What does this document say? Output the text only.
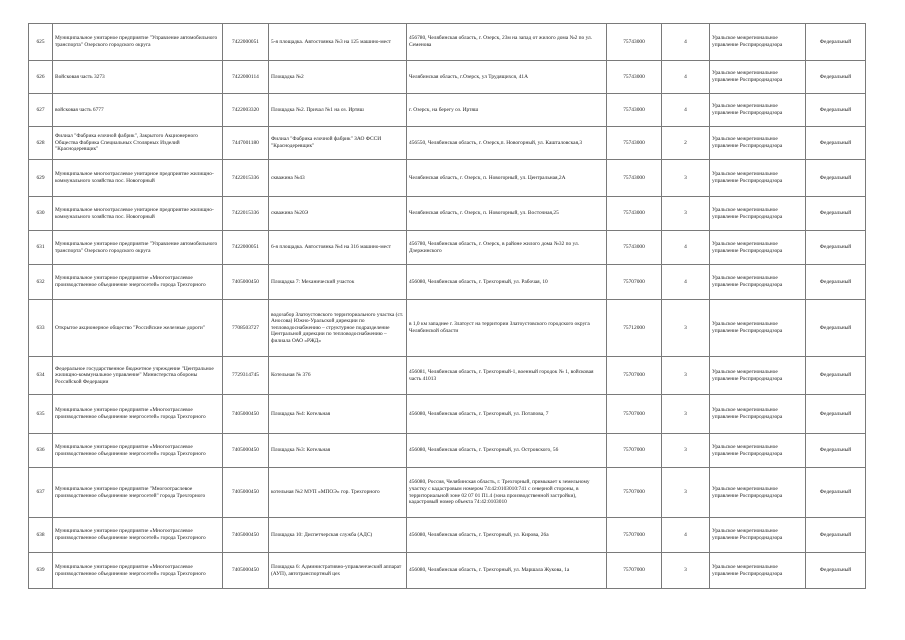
625	Муниципальное унитарное предприятие "Управление автомобильного транспорта" Озерского городского округа	7422000051	5-я площадка. Автостоянка №3 на 125 машино-мест	456780, Челябинская область, г. Озерск, 23м на запад от жилого дома №2 по ул. Семенова	75743000	4	Уральское межрегиональное управление Росприроднадзора	Федеральный
626	Войсковая часть 3273	7422000114	Площадка №2	Челябинская область, г.Озерск, ул Трудящихся, 41А	75743000	4	Уральское межрегиональное управление Росприроднадзора	Федеральный
627	войсковая часть 6777	7422003320	Площадка №2. Причал №1 на оз. Иртяш	г. Озерск, на берегу оз. Иртяш	75743000	4	Уральское межрегиональное управление Росприроднадзора	Федеральный
628	Филиал "Фабрика елочной фабрик", Закрытого Акционерного Общества Фабрика Специальных Столярных Изделий "Краснодеревщик"	7447001180	Филиал "Фабрика елочной фабрик" ЗАО ФССИ "Краснодеревщик"	456550, Челябинская область, г. Озерск,п. Новогорный, ул. Кашталовская,3	75743000	2	Уральское межрегиональное управление Росприроднадзора	Федеральный
629	Муниципальное многоотраслевое унитарное предприятие жилищно-коммунального хозяйства пос. Новогорный	7422015336	скважина №43	Челябинская область, г. Озерск, п. Новогорный, ул. Центральная,2А	75743000	3	Уральское межрегиональное управление Росприроднадзора	Федеральный
630	Муниципальное многоотраслевое унитарное предприятие жилищно-коммунального хозяйства пос. Новогорный	7422015336	скважина №20Э	Челябинская область, г. Озерск, п. Новогорный, ул. Восточная,25	75743000	3	Уральское межрегиональное управление Росприроднадзора	Федеральный
631	Муниципальное унитарное предприятие "Управление автомобильного транспорта" Озерского городского округа	7422000051	6-я площадка. Автостоянка №4 на 316 машино-мест	456780, Челябинская область, г. Озерск, в районе жилого дома №32 по ул. Дзержинского	75743000	4	Уральское межрегиональное управление Росприроднадзора	Федеральный
632	Муниципальное унитарное предприятие «Многоотраслевое производственное объединение энергосетей» города Трехгорного	7405000450	Площадка 7: Механический участок	456080, Челябинская область, г. Трехгорный, ул. Рабочая, 10	75707000	4	Уральское межрегиональное управление Росприроднадзора	Федеральный
633	Открытое акционерное общество "Российские железные дороги"	7708503727	водозабор Златоустовского территориального участка (ст. Аносова) Южно-Уральской дирекции по тепловодоснабжению – структурное подразделение Центральной дирекции по тепловодоснабжению – филиала ОАО «РЖД»	в 1,0 км западнее г. Златоуст на территории Златоустовского городского округа Челябинской области	75712000	3	Уральское межрегиональное управление Росприроднадзора	Федеральный
634	Федеральное государственное бюджетное учреждение "Центральное жилищно-коммунальное управление" Министерства обороны Российской Федерации	7729314745	Котельная № 376	456081, Челябинская область, г. Трехгорный-1, военный городок № 1, войсковая часть 41013	75707000	3	Уральское межрегиональное управление Росприроднадзора	Федеральный
635	Муниципальное унитарное предприятие «Многоотраслевое производственное объединение энергосетей» города Трехгорного	7405000450	Площадка №4: Котельная	456080, Челябинская область, г. Трехгорный, ул. Потапова, 7	75707000	3	Уральское межрегиональное управление Росприроднадзора	Федеральный
636	Муниципальное унитарное предприятие «Многоотраслевое производственное объединение энергосетей» города Трехгорного	7405000450	Площадка №3: Котельная	456080, Челябинская область, г. Трехгорный, ул. Островского, 56	75707000	3	Уральское межрегиональное управление Росприроднадзора	Федеральный
637	Муниципальное унитарное предприятие "Многоотраслевое производственное объединение энергосетей" города Трехгорного	7405000450	котельная №2 МУП «МПОЭ» гор. Трехгорного	456080, Россия, Челябинская область, г. Трехгорный, примыкает к земельному участку с кадастровым номером 74:42:0103010:741 с северной стороны, в территориальной зоне 02 07 01 П1.4 (зона производственной застройки), кадастровый номер объекта 74:42:0103010	75707000	3	Уральское межрегиональное управление Росприроднадзора	Федеральный
638	Муниципальное унитарное предприятие «Многоотраслевое производственное объединение энергосетей» города Трехгорного	7405000450	Площадка 10: Диспетчерская служба (АДС)	456080, Челябинская область, г. Трехгорный, ул. Кирова, 26а	75707000	4	Уральское межрегиональное управление Росприроднадзора	Федеральный
639	Муниципальное унитарное предприятие «Многоотраслевое производственное объединение энергосетей» города Трехгорного	7405000450	Площадка 6: Административно-управленческий аппарат (АУП), автотранспортный цех	456080, Челябинская область, г. Трехгорный, ул. Маршала Жукова, 1а	75707000	3	Уральское межрегиональное управление Росприроднадзора	Федеральный
